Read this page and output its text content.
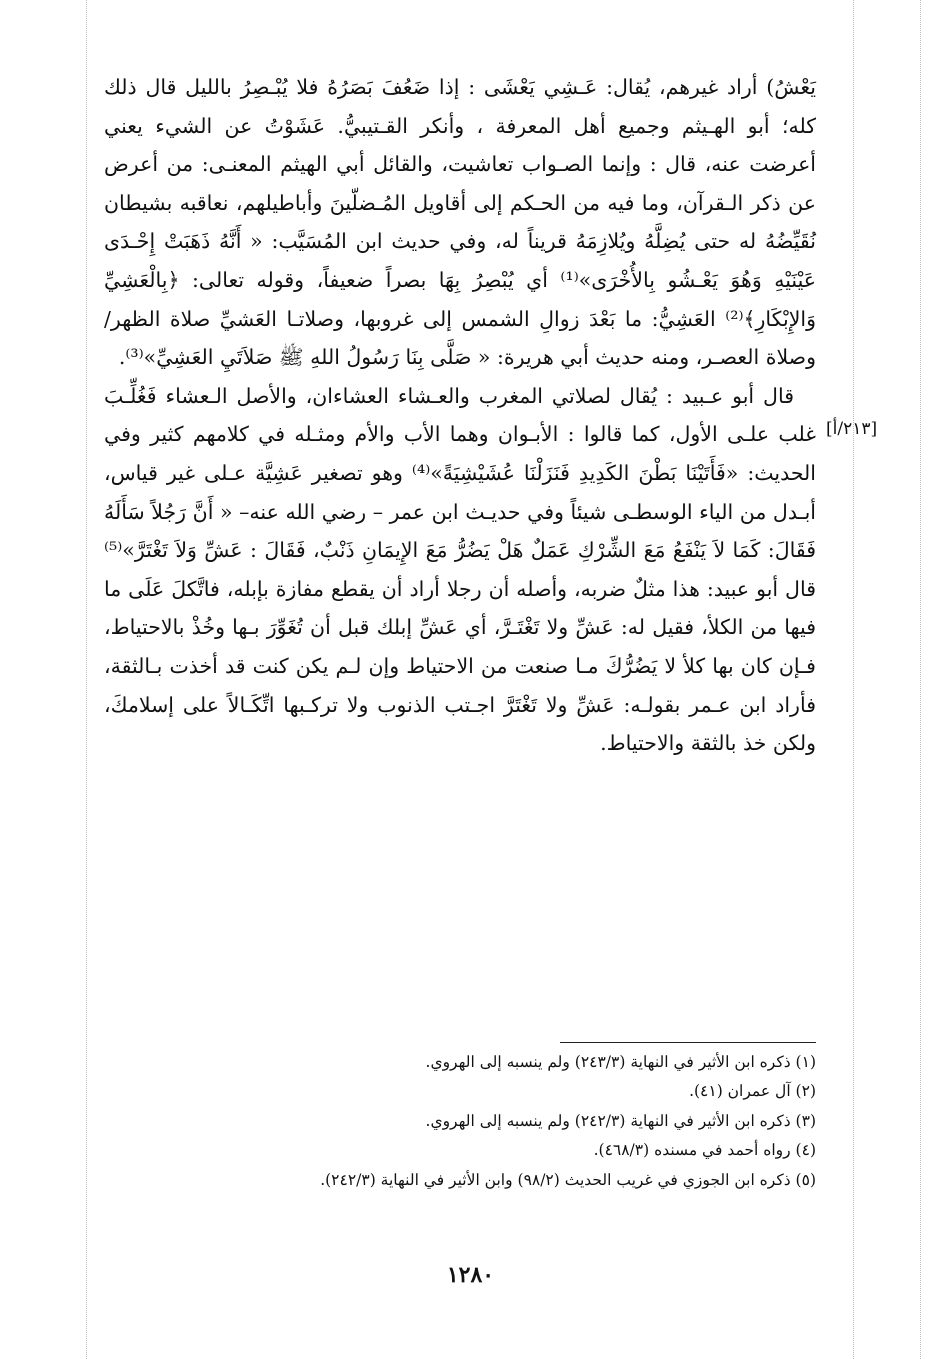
يَعْشُ) أراد غيرهم، يُقال: عَـشِي يَعْشَى : إذا ضَعُفَ بَصَرُهُ فلا يُبْـصِرُ بالليل قال ذلك كله؛ أبو الهـيثم وجميع أهل المعرفة ، وأنكر القـتيبيُّ. عَشَوْتُ عن الشيء يعني أعرضت عنه، قال : وإنما الصـواب تعاشيت، والقائل أبي الهيثم المعنـى: من أعرض عن ذكر الـقرآن، وما فيه من الحـكم إلى أقاويل المُـضلّينَ وأباطيلهم، نعاقبه بشيطان نُقَيِّضُهُ له حتى يُضِلَّهُ ويُلازِمَهُ قريناً له، وفي حديث ابن المُسَيَّب: « أَنَّهُ ذَهَبَتْ إِحْـدَى عَيْنَيْهِ وَهُوَ يَعْـشُو بِالأُخْرَى»⁽¹⁾ أي يُبْصِرُ بِهَا بصراً ضعيفاً، وقوله تعالى: ﴿بِالْعَشِيِّ وَالإِبْكَارِ﴾⁽²⁾ العَشِيُّ: ما بَعْدَ زوالِ الشمس إلى غروبها، وصلاتـا العَشيِّ صلاة الظهر/ وصلاة العصـر، ومنه حديث أبي هريرة: « صَلَّى بِنَا رَسُولُ اللهِ ﷺ صَلاَتَيِ العَشِيِّ»⁽³⁾.

قال أبو عـبيد : يُقال لصلاتي المغرب والعـشاء العشاءان، والأصل الـعشاء فَغُلِّـبَ غلب علـى الأول، كما قالوا : الأبـوان وهما الأب والأم ومثـله في كلامهم كثير وفي الحديث: «فَأَتَيْنَا بَطْنَ الكَدِيدِ فَنَزَلْنَا عُشَيْشِيَةً»⁽⁴⁾ وهو تصغير عَشِيَّة عـلى غير قياس، أبـدل من الياء الوسطـى شيئاً وفي حديـث ابن عمر – رضي الله عنه– « أَنَّ رَجُلاً سَأَلَهُ فَقَالَ: كَمَا لاَ يَنْفَعُ مَعَ الشِّرْكِ عَمَلٌ هَلْ يَضُرُّ مَعَ الإِيمَانِ ذَنْبٌ، فَقَالَ : عَشِّ وَلاَ تَغْتَرَّ»⁽⁵⁾ قال أبو عبيد: هذا مثلٌ ضربه، وأصله أن رجلا أراد أن يقطع مفازة بإبله، فاتَّكلَ عَلَى ما فيها من الكلأ، فقيل له: عَشِّ ولا تَغْتَـرَّ، أي عَشِّ إبلك قبل أن تُغَوِّرَ بـها وخُذْ بالاحتياط، فـإن كان بها كلأ لا يَضُرُّكَ مـا صنعت من الاحتياط وإن لـم يكن كنت قد أخذت بـالثقة، فأراد ابن عـمر بقولـه: عَشِّ ولا تَغْتَرَّ اجـتب الذنوب ولا تركـبها اتِّكَـالاً على إسلامكَ، ولكن خذ بالثقة والاحتياط.

[٢١٣/أ]

(١) ذكره ابن الأثير في النهاية (٢٤٣/٣) ولم ينسبه إلى الهروي.

(٢) آل عمران (٤١).

(٣) ذكره ابن الأثير في النهاية (٢٤٢/٣) ولم ينسبه إلى الهروي.

(٤) رواه أحمد في مسنده (٤٦٨/٣).

(٥) ذكره ابن الجوزي في غريب الحديث (٩٨/٢) وابن الأثير في النهاية (٢٤٢/٣).

١٢٨٠
